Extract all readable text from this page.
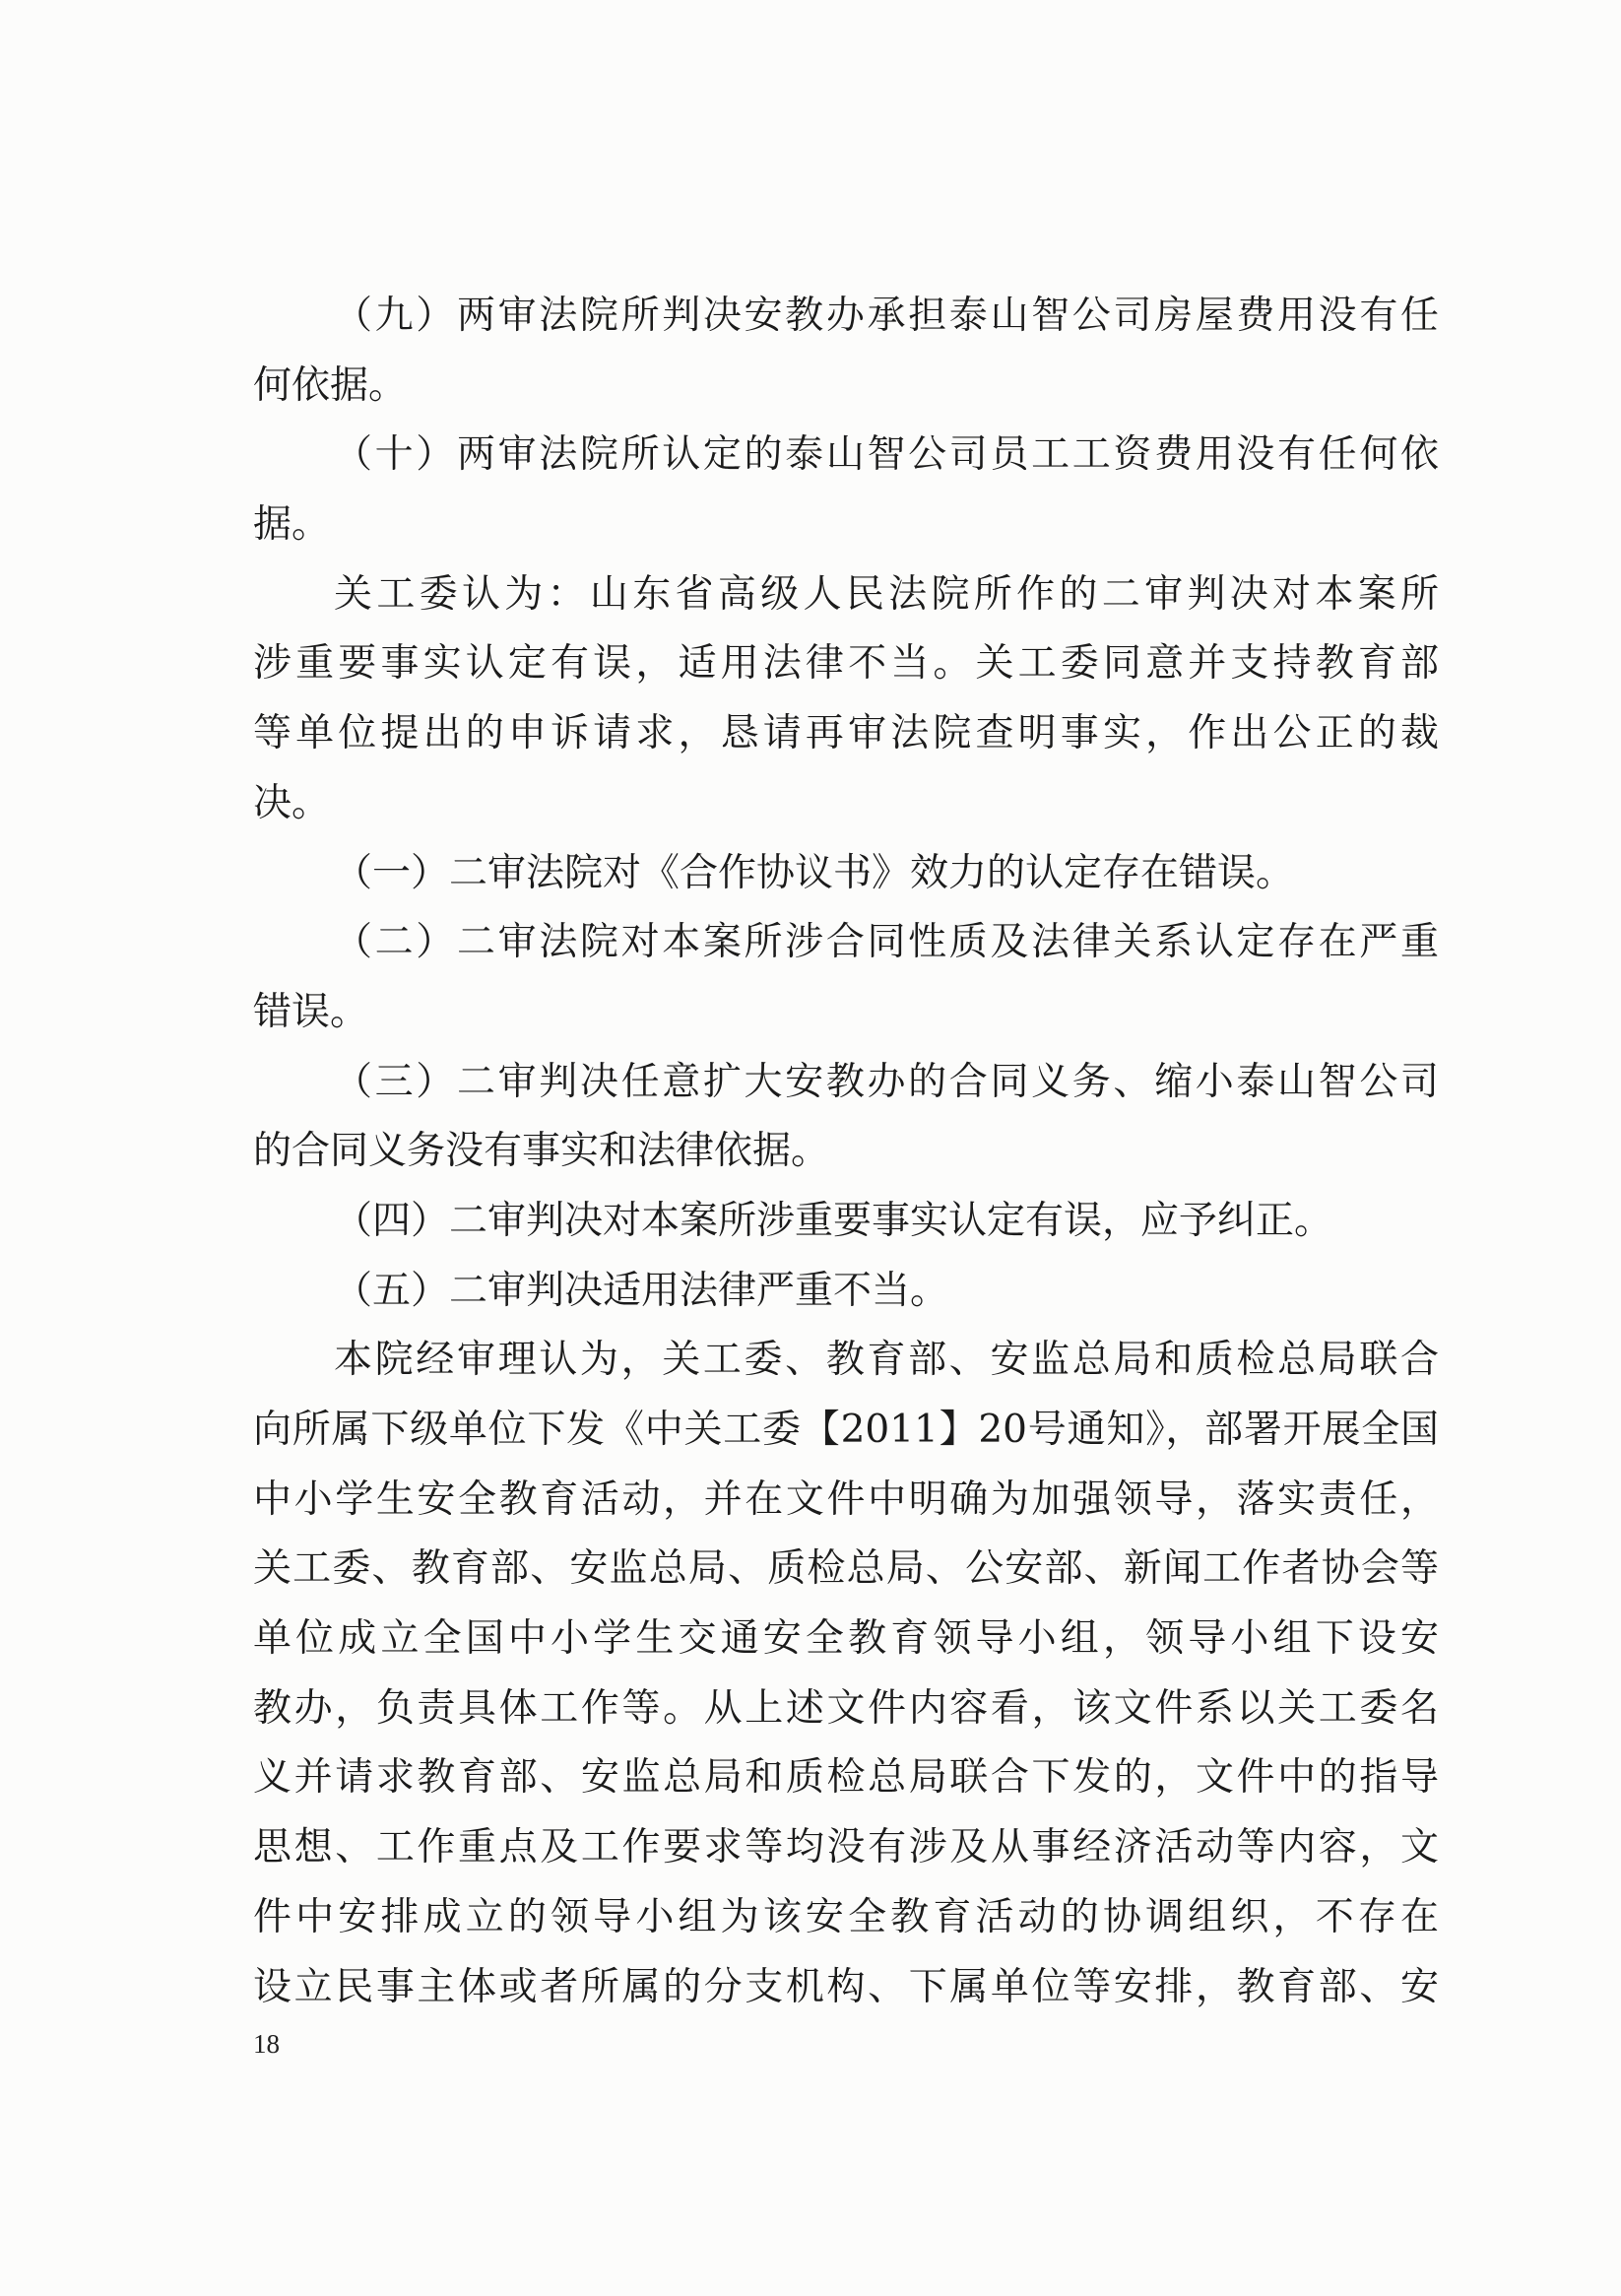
（九）两审法院所判决安教办承担泰山智公司房屋费用没有任
何依据。
（十）两审法院所认定的泰山智公司员工工资费用没有任何依
据。
关工委认为：山东省高级人民法院所作的二审判决对本案所
涉重要事实认定有误，适用法律不当。关工委同意并支持教育部
等单位提出的申诉请求，恳请再审法院查明事实，作出公正的裁
决。
（一）二审法院对《合作协议书》效力的认定存在错误。
（二）二审法院对本案所涉合同性质及法律关系认定存在严重
错误。
（三）二审判决任意扩大安教办的合同义务、缩小泰山智公司
的合同义务没有事实和法律依据。
（四）二审判决对本案所涉重要事实认定有误，应予纠正。
（五）二审判决适用法律严重不当。
本院经审理认为，关工委、教育部、安监总局和质检总局联合
向所属下级单位下发《中关工委【2011】20号通知》，部署开展全国
中小学生安全教育活动，并在文件中明确为加强领导，落实责任，
关工委、教育部、安监总局、质检总局、公安部、新闻工作者协会等
单位成立全国中小学生交通安全教育领导小组，领导小组下设安
教办，负责具体工作等。从上述文件内容看，该文件系以关工委名
义并请求教育部、安监总局和质检总局联合下发的，文件中的指导
思想、工作重点及工作要求等均没有涉及从事经济活动等内容，文
件中安排成立的领导小组为该安全教育活动的协调组织，不存在
设立民事主体或者所属的分支机构、下属单位等安排，教育部、安
18
